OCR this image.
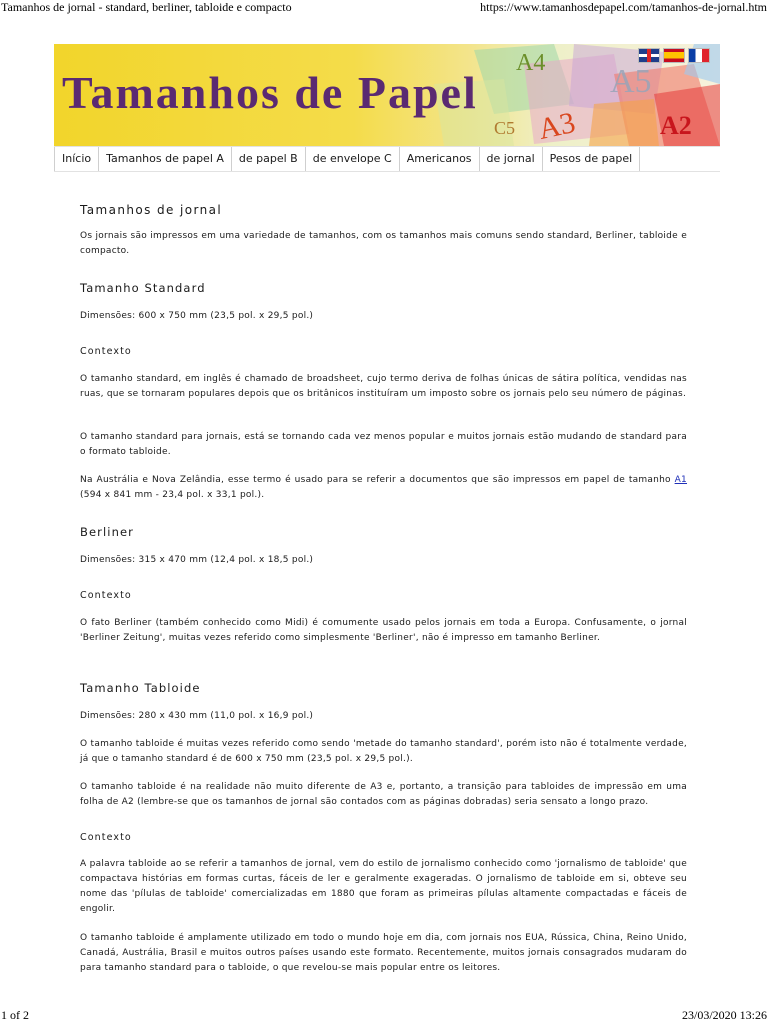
Tamanhos de jornal - standard, berliner, tabloide e compacto	https://www.tamanhosdepapel.com/tamanhos-de-jornal.htm
Tamanhos de Papel
A4 A5
A3
C5	A2
Início	Tamanhos de papel A	de papel B	de envelope C	Americanos	de jornal	Pesos de papel
Tamanhos de jornal
Os jornais são impressos em uma variedade de tamanhos, com os tamanhos mais comuns sendo standard, Berliner, tabloide e compacto.
Tamanho Standard
Dimensões: 600 x 750 mm (23,5 pol. x 29,5 pol.)
Contexto
O tamanho standard, em inglês é chamado de broadsheet, cujo termo deriva de folhas únicas de sátira política, vendidas nas ruas, que se tornaram populares depois que os britânicos instituíram um imposto sobre os jornais pelo seu número de páginas.
O tamanho standard para jornais, está se tornando cada vez menos popular e muitos jornais estão mudando de standard para o formato tabloide.
Na Austrália e Nova Zelândia, esse termo é usado para se referir a documentos que são impressos em papel de tamanho A1 (594 x 841 mm - 23,4 pol. x 33,1 pol.).
Berliner
Dimensões: 315 x 470 mm (12,4 pol. x 18,5 pol.)
Contexto
O fato Berliner (também conhecido como Midi) é comumente usado pelos jornais em toda a Europa. Confusamente, o jornal 'Berliner Zeitung', muitas vezes referido como simplesmente 'Berliner', não é impresso em tamanho Berliner.
Tamanho Tabloide
Dimensões: 280 x 430 mm (11,0 pol. x 16,9 pol.)
O tamanho tabloide é muitas vezes referido como sendo 'metade do tamanho standard', porém isto não é totalmente verdade, já que o tamanho standard é de 600 x 750 mm (23,5 pol. x 29,5 pol.).
O tamanho tabloide é na realidade não muito diferente de A3 e, portanto, a transição para tabloides de impressão em uma folha de A2 (lembre-se que os tamanhos de jornal são contados com as páginas dobradas) seria sensato a longo prazo.
Contexto
A palavra tabloide ao se referir a tamanhos de jornal, vem do estilo de jornalismo conhecido como 'jornalismo de tabloide' que compactava histórias em formas curtas, fáceis de ler e geralmente exageradas. O jornalismo de tabloide em si, obteve seu nome das 'pílulas de tabloide' comercializadas em 1880 que foram as primeiras pílulas altamente compactadas e fáceis de engolir.
O tamanho tabloide é amplamente utilizado em todo o mundo hoje em dia, com jornais nos EUA, Rússica, China, Reino Unido, Canadá, Austrália, Brasil e muitos outros países usando este formato. Recentemente, muitos jornais consagrados mudaram do para tamanho standard para o tabloide, o que revelou-se mais popular entre os leitores.
1 of 2	23/03/2020 13:26
